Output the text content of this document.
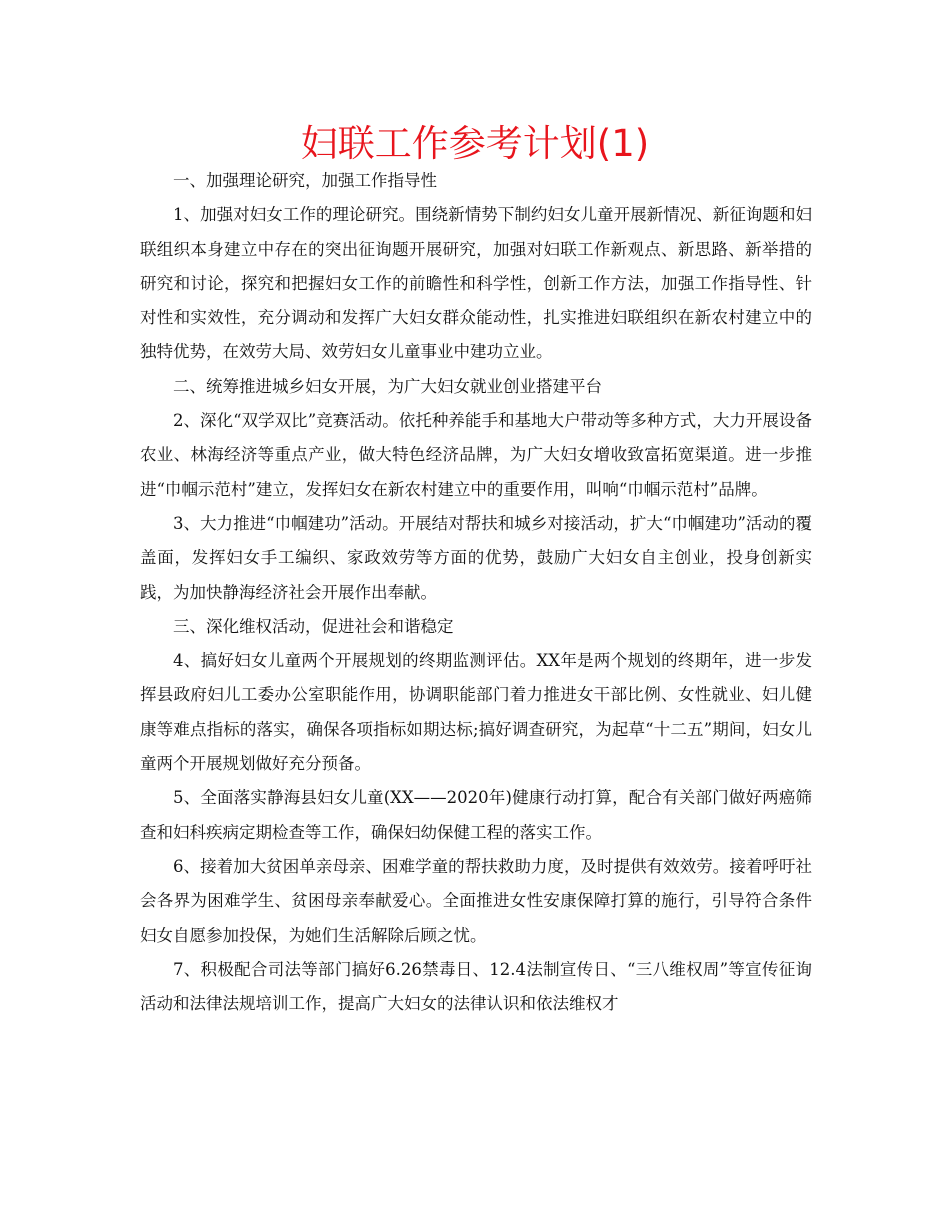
妇联工作参考计划(1)

一、加强理论研究，加强工作指导性

1、加强对妇女工作的理论研究。围绕新情势下制约妇女儿童开展新情况、新征询题和妇联组织本身建立中存在的突出征询题开展研究，加强对妇联工作新观点、新思路、新举措的研究和讨论，探究和把握妇女工作的前瞻性和科学性，创新工作方法，加强工作指导性、针对性和实效性，充分调动和发挥广大妇女群众能动性，扎实推进妇联组织在新农村建立中的独特优势，在效劳大局、效劳妇女儿童事业中建功立业。

二、统筹推进城乡妇女开展，为广大妇女就业创业搭建平台

2、深化“双学双比”竞赛活动。依托种养能手和基地大户带动等多种方式，大力开展设备农业、林海经济等重点产业，做大特色经济品牌，为广大妇女增收致富拓宽渠道。进一步推进“巾帼示范村”建立，发挥妇女在新农村建立中的重要作用，叫响“巾帼示范村”品牌。

3、大力推进“巾帼建功”活动。开展结对帮扶和城乡对接活动，扩大“巾帼建功”活动的覆盖面，发挥妇女手工编织、家政效劳等方面的优势，鼓励广大妇女自主创业，投身创新实践，为加快静海经济社会开展作出奉献。

三、深化维权活动，促进社会和谐稳定

4、搞好妇女儿童两个开展规划的终期监测评估。XX年是两个规划的终期年，进一步发挥县政府妇儿工委办公室职能作用，协调职能部门着力推进女干部比例、女性就业、妇儿健康等难点指标的落实，确保各项指标如期达标;搞好调查研究，为起草“十二五”期间，妇女儿童两个开展规划做好充分预备。

5、全面落实静海县妇女儿童(XX——2020年)健康行动打算，配合有关部门做好两癌筛查和妇科疾病定期检查等工作，确保妇幼保健工程的落实工作。

6、接着加大贫困单亲母亲、困难学童的帮扶救助力度，及时提供有效效劳。接着呼吁社会各界为困难学生、贫困母亲奉献爱心。全面推进女性安康保障打算的施行，引导符合条件妇女自愿参加投保，为她们生活解除后顾之忧。

7、积极配合司法等部门搞好6.26禁毒日、12.4法制宣传日、“三八维权周”等宣传征询活动和法律法规培训工作，提高广大妇女的法律认识和依法维权才
